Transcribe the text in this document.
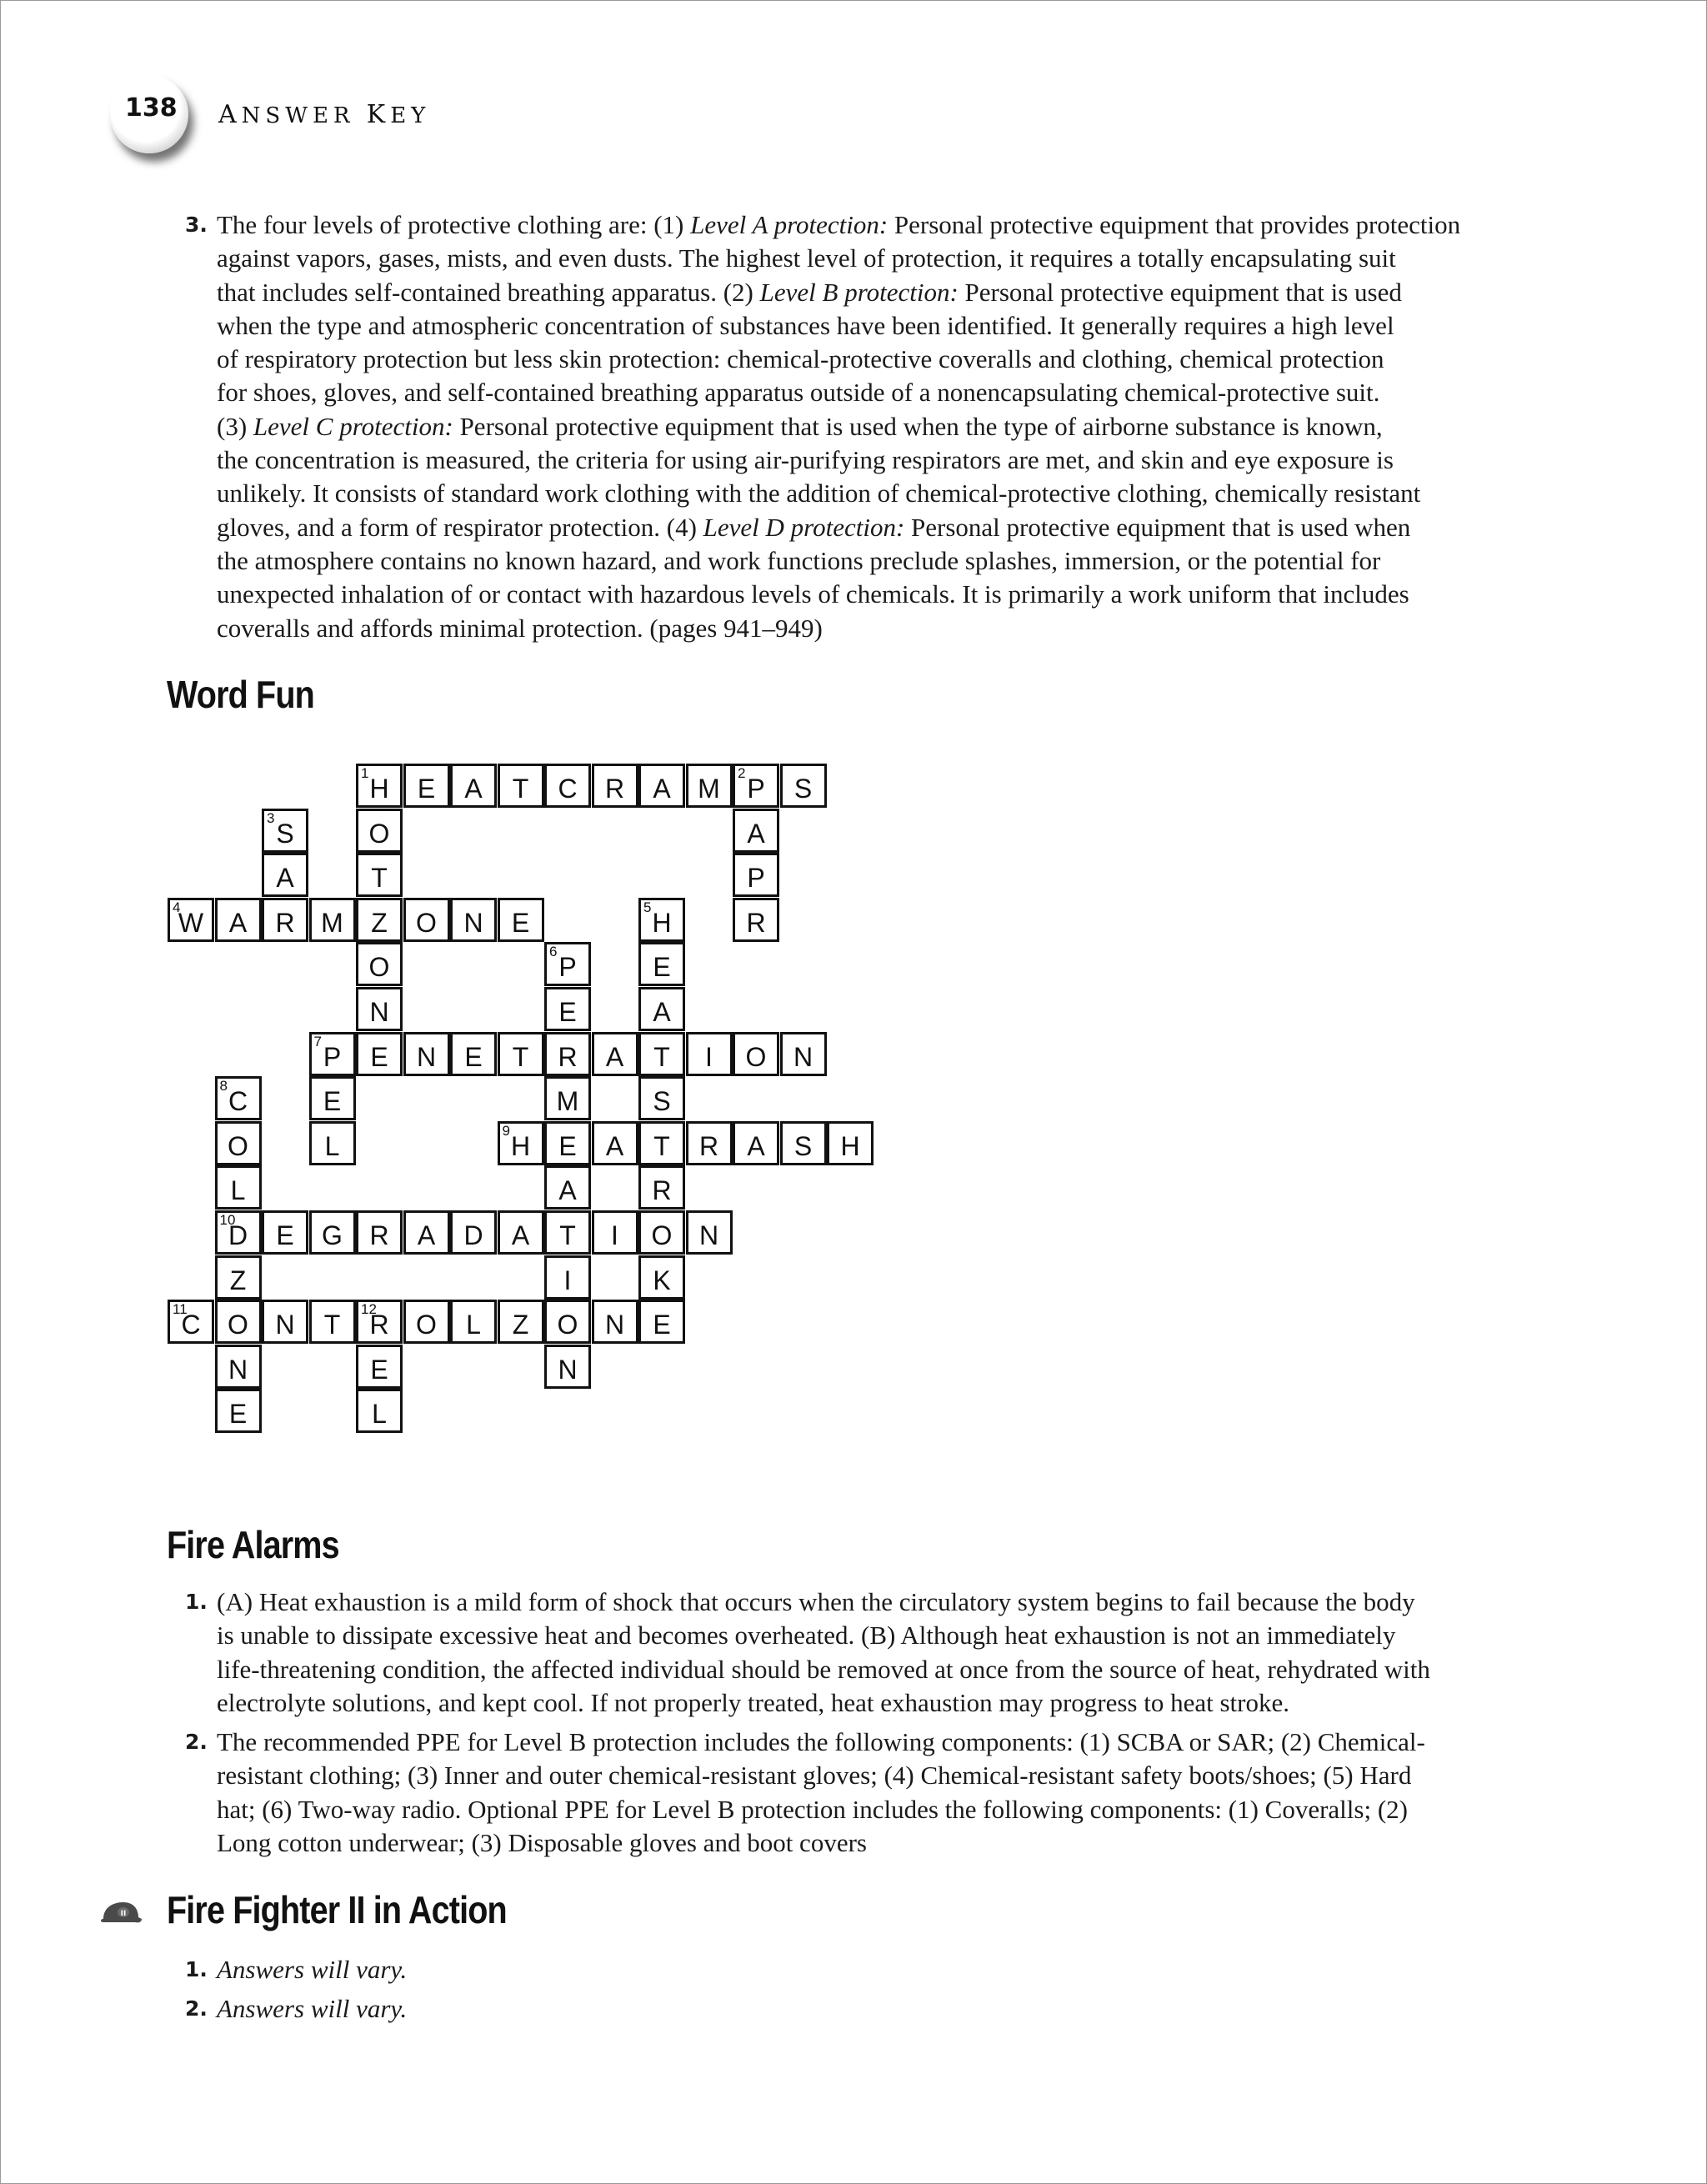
138 ANSWER KEY
3. The four levels of protective clothing are: (1) Level A protection: Personal protective equipment that provides protection
against vapors, gases, mists, and even dusts. The highest level of protection, it requires a totally encapsulating suit
that includes self-contained breathing apparatus. (2) Level B protection: Personal protective equipment that is used
when the type and atmospheric concentration of substances have been identified. It generally requires a high level
of respiratory protection but less skin protection: chemical-protective coveralls and clothing, chemical protection
for shoes, gloves, and self-contained breathing apparatus outside of a nonencapsulating chemical-protective suit.
(3) Level C protection: Personal protective equipment that is used when the type of airborne substance is known,
the concentration is measured, the criteria for using air-purifying respirators are met, and skin and eye exposure is
unlikely. It consists of standard work clothing with the addition of chemical-protective clothing, chemically resistant
gloves, and a form of respirator protection. (4) Level D protection: Personal protective equipment that is used when
the atmosphere contains no known hazard, and work functions preclude splashes, immersion, or the potential for
unexpected inhalation of or contact with hazardous levels of chemicals. It is primarily a work uniform that includes
coveralls and affords minimal protection. (pages 941–949)
Word Fun
1
H	E	A	T	C	R	A	M
2
P	S
O
T
Z
O
N
E
A
P
R
3
S
A
R
4
W A	M	O	N	E
5
H
E
A
T
S
T
R
O
K
E
6
P
E
R
M
E
A
T
I
O
N
7
P	N	E	T	A	I	O	N
E
L
8
C
O
L
10
D
Z
O
N
E
9
H	A	R	A	S	H
E	G	R	A	D	A	I	N
11
C	N	T
12
R	O	L	Z	N
E
L
Fire Alarms
1. (A) Heat exhaustion is a mild form of shock that occurs when the circulatory system begins to fail because the body
is unable to dissipate excessive heat and becomes overheated. (B) Although heat exhaustion is not an immediately
life-threatening condition, the affected individual should be removed at once from the source of heat, rehydrated with
electrolyte solutions, and kept cool. If not properly treated, heat exhaustion may progress to heat stroke.
2. The recommended PPE for Level B protection includes the following components: (1) SCBA or SAR; (2) Chemical-
resistant clothing; (3) Inner and outer chemical-resistant gloves; (4) Chemical-resistant safety boots/shoes; (5) Hard
hat; (6) Two-way radio. Optional PPE for Level B protection includes the following components: (1) Coveralls; (2)
Long cotton underwear; (3) Disposable gloves and boot covers
II Fire Fighter II in Action
1. Answers will vary.
2. Answers will vary.
